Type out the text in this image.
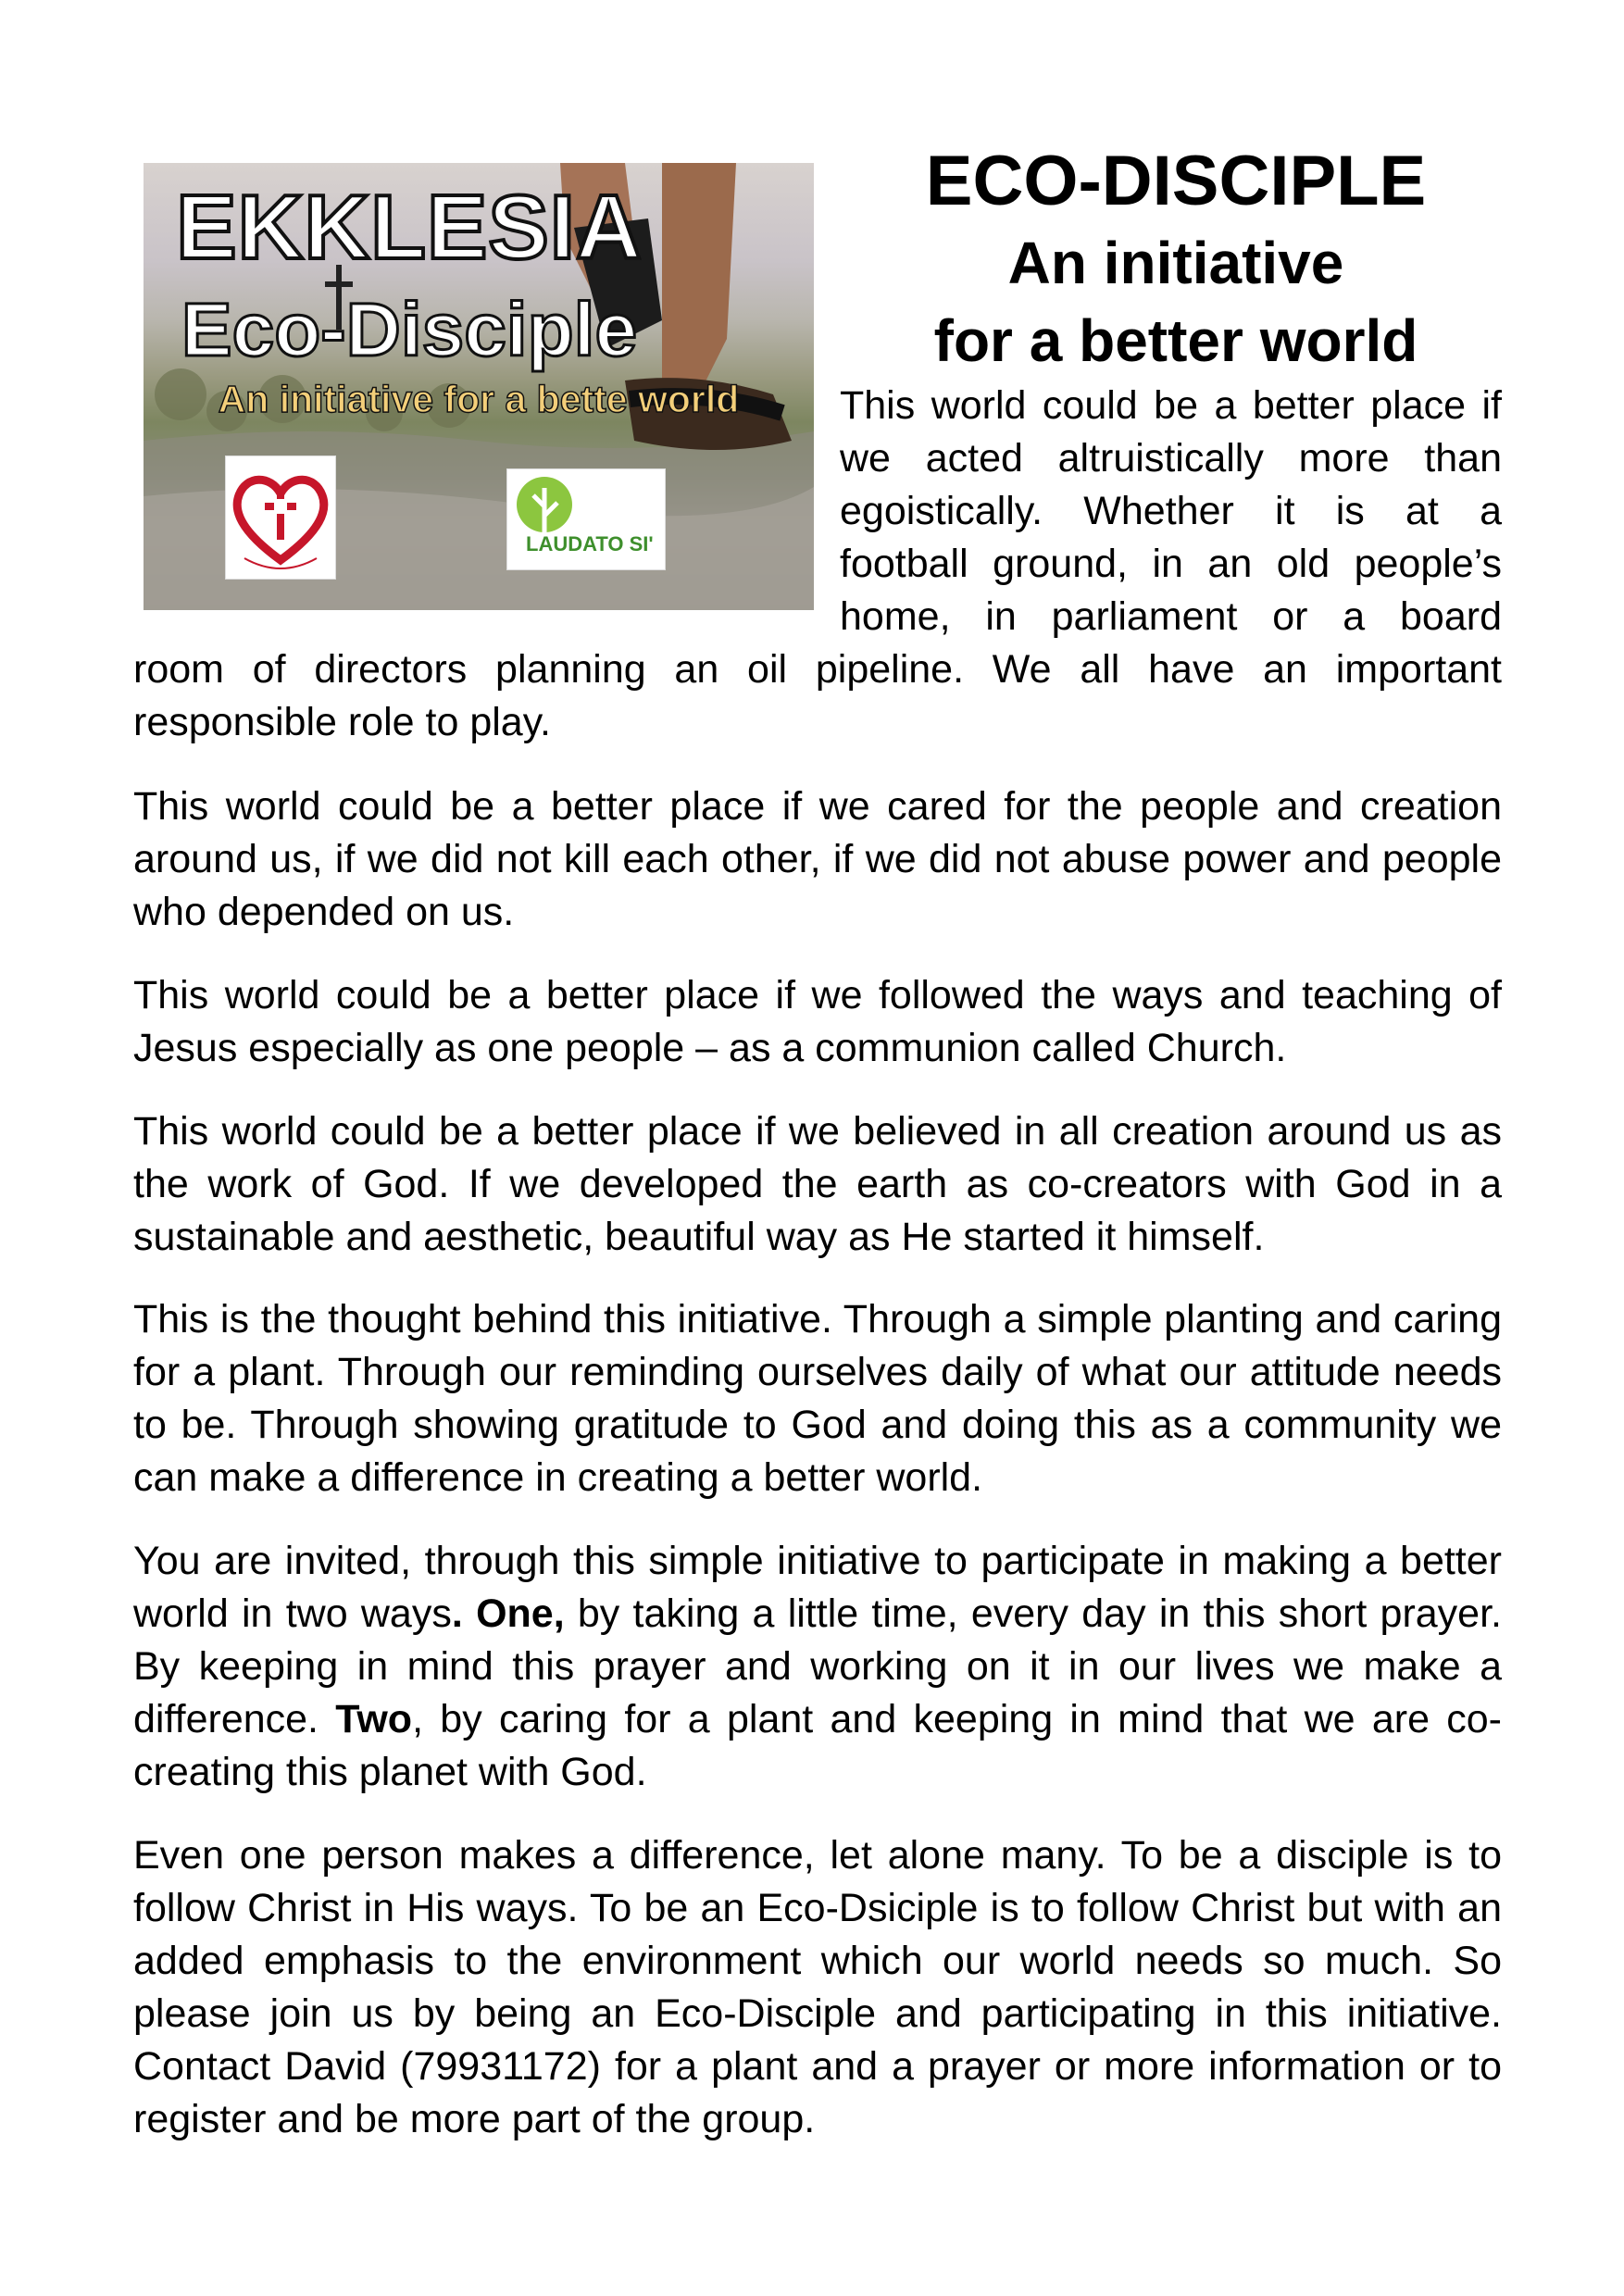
EKKLESIA
Eco-Disciple
An initiative for a bette world
LAUDATO SI'
ECO-DISCIPLE
An initiative
for a better world
This world could be a better place if
we acted altruistically more than
egoistically. Whether it is at a
football ground, in an old people’s
home, in parliament or a board
room of directors planning an oil pipeline. We all have an important
responsible role to play.

This world could be a better place if we cared for the people and creation around us, if we did not kill each other, if we did not abuse power and people who depended on us.

This world could be a better place if we followed the ways and teaching of Jesus especially as one people – as a communion called Church.

This world could be a better place if we believed in all creation around us as the work of God. If we developed the earth as co-creators with God in a sustainable and aesthetic, beautiful way as He started it himself.

This is the thought behind this initiative. Through a simple planting and caring for a plant. Through our reminding ourselves daily of what our attitude needs to be. Through showing gratitude to God and doing this as a community we can make a difference in creating a better world.

You are invited, through this simple initiative to participate in making a better world in two ways. One, by taking a little time, every day in this short prayer. By keeping in mind this prayer and working on it in our lives we make a difference. Two, by caring for a plant and keeping in mind that we are co-creating this planet with God.

Even one person makes a difference, let alone many. To be a disciple is to follow Christ in His ways. To be an Eco-Dsiciple is to follow Christ but with an added emphasis to the environment which our world needs so much. So please join us by being an Eco-Disciple and participating in this initiative. Contact David (79931172) for a plant and a prayer or more information or to register and be more part of the group.
